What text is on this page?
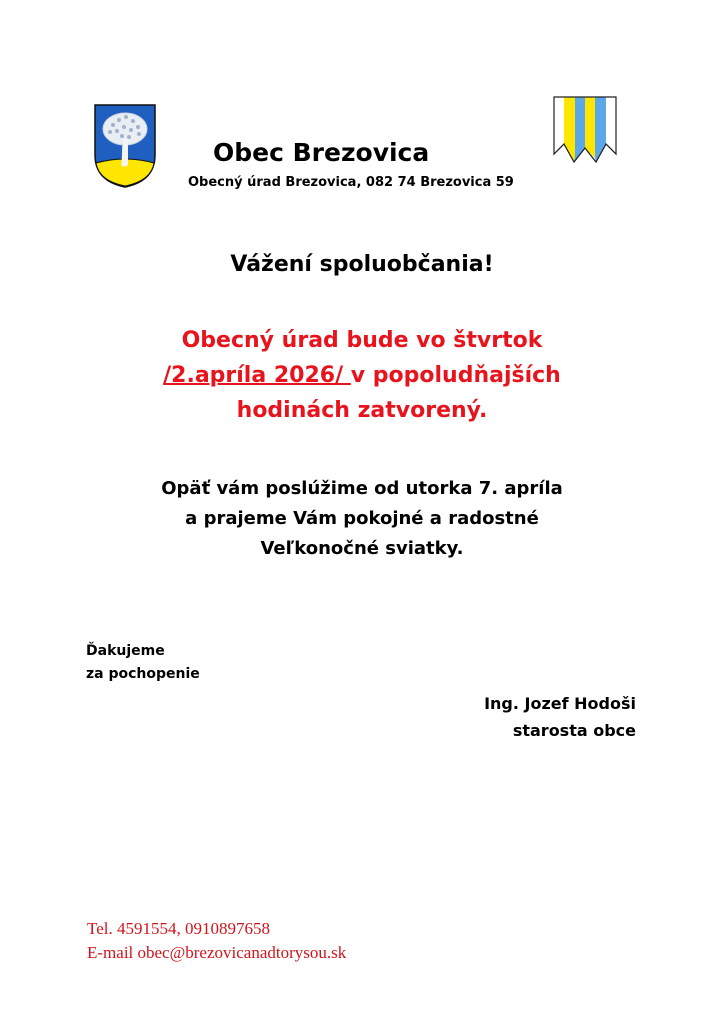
Obec Brezovica
Obecný úrad Brezovica, 082 74 Brezovica 59
Vážení spoluobčania!
Obecný úrad bude vo štvrtok
/2.apríla 2026/ v popoludňajších
hodinách zatvorený.
Opäť vám poslúžime od utorka 7. apríla
a prajeme Vám pokojné a radostné
Veľkonočné sviatky.
Ďakujeme
za pochopenie
Ing. Jozef Hodoši
starosta obce
Tel. 4591554, 0910897658
E-mail obec@brezovicanadtorysou.sk
